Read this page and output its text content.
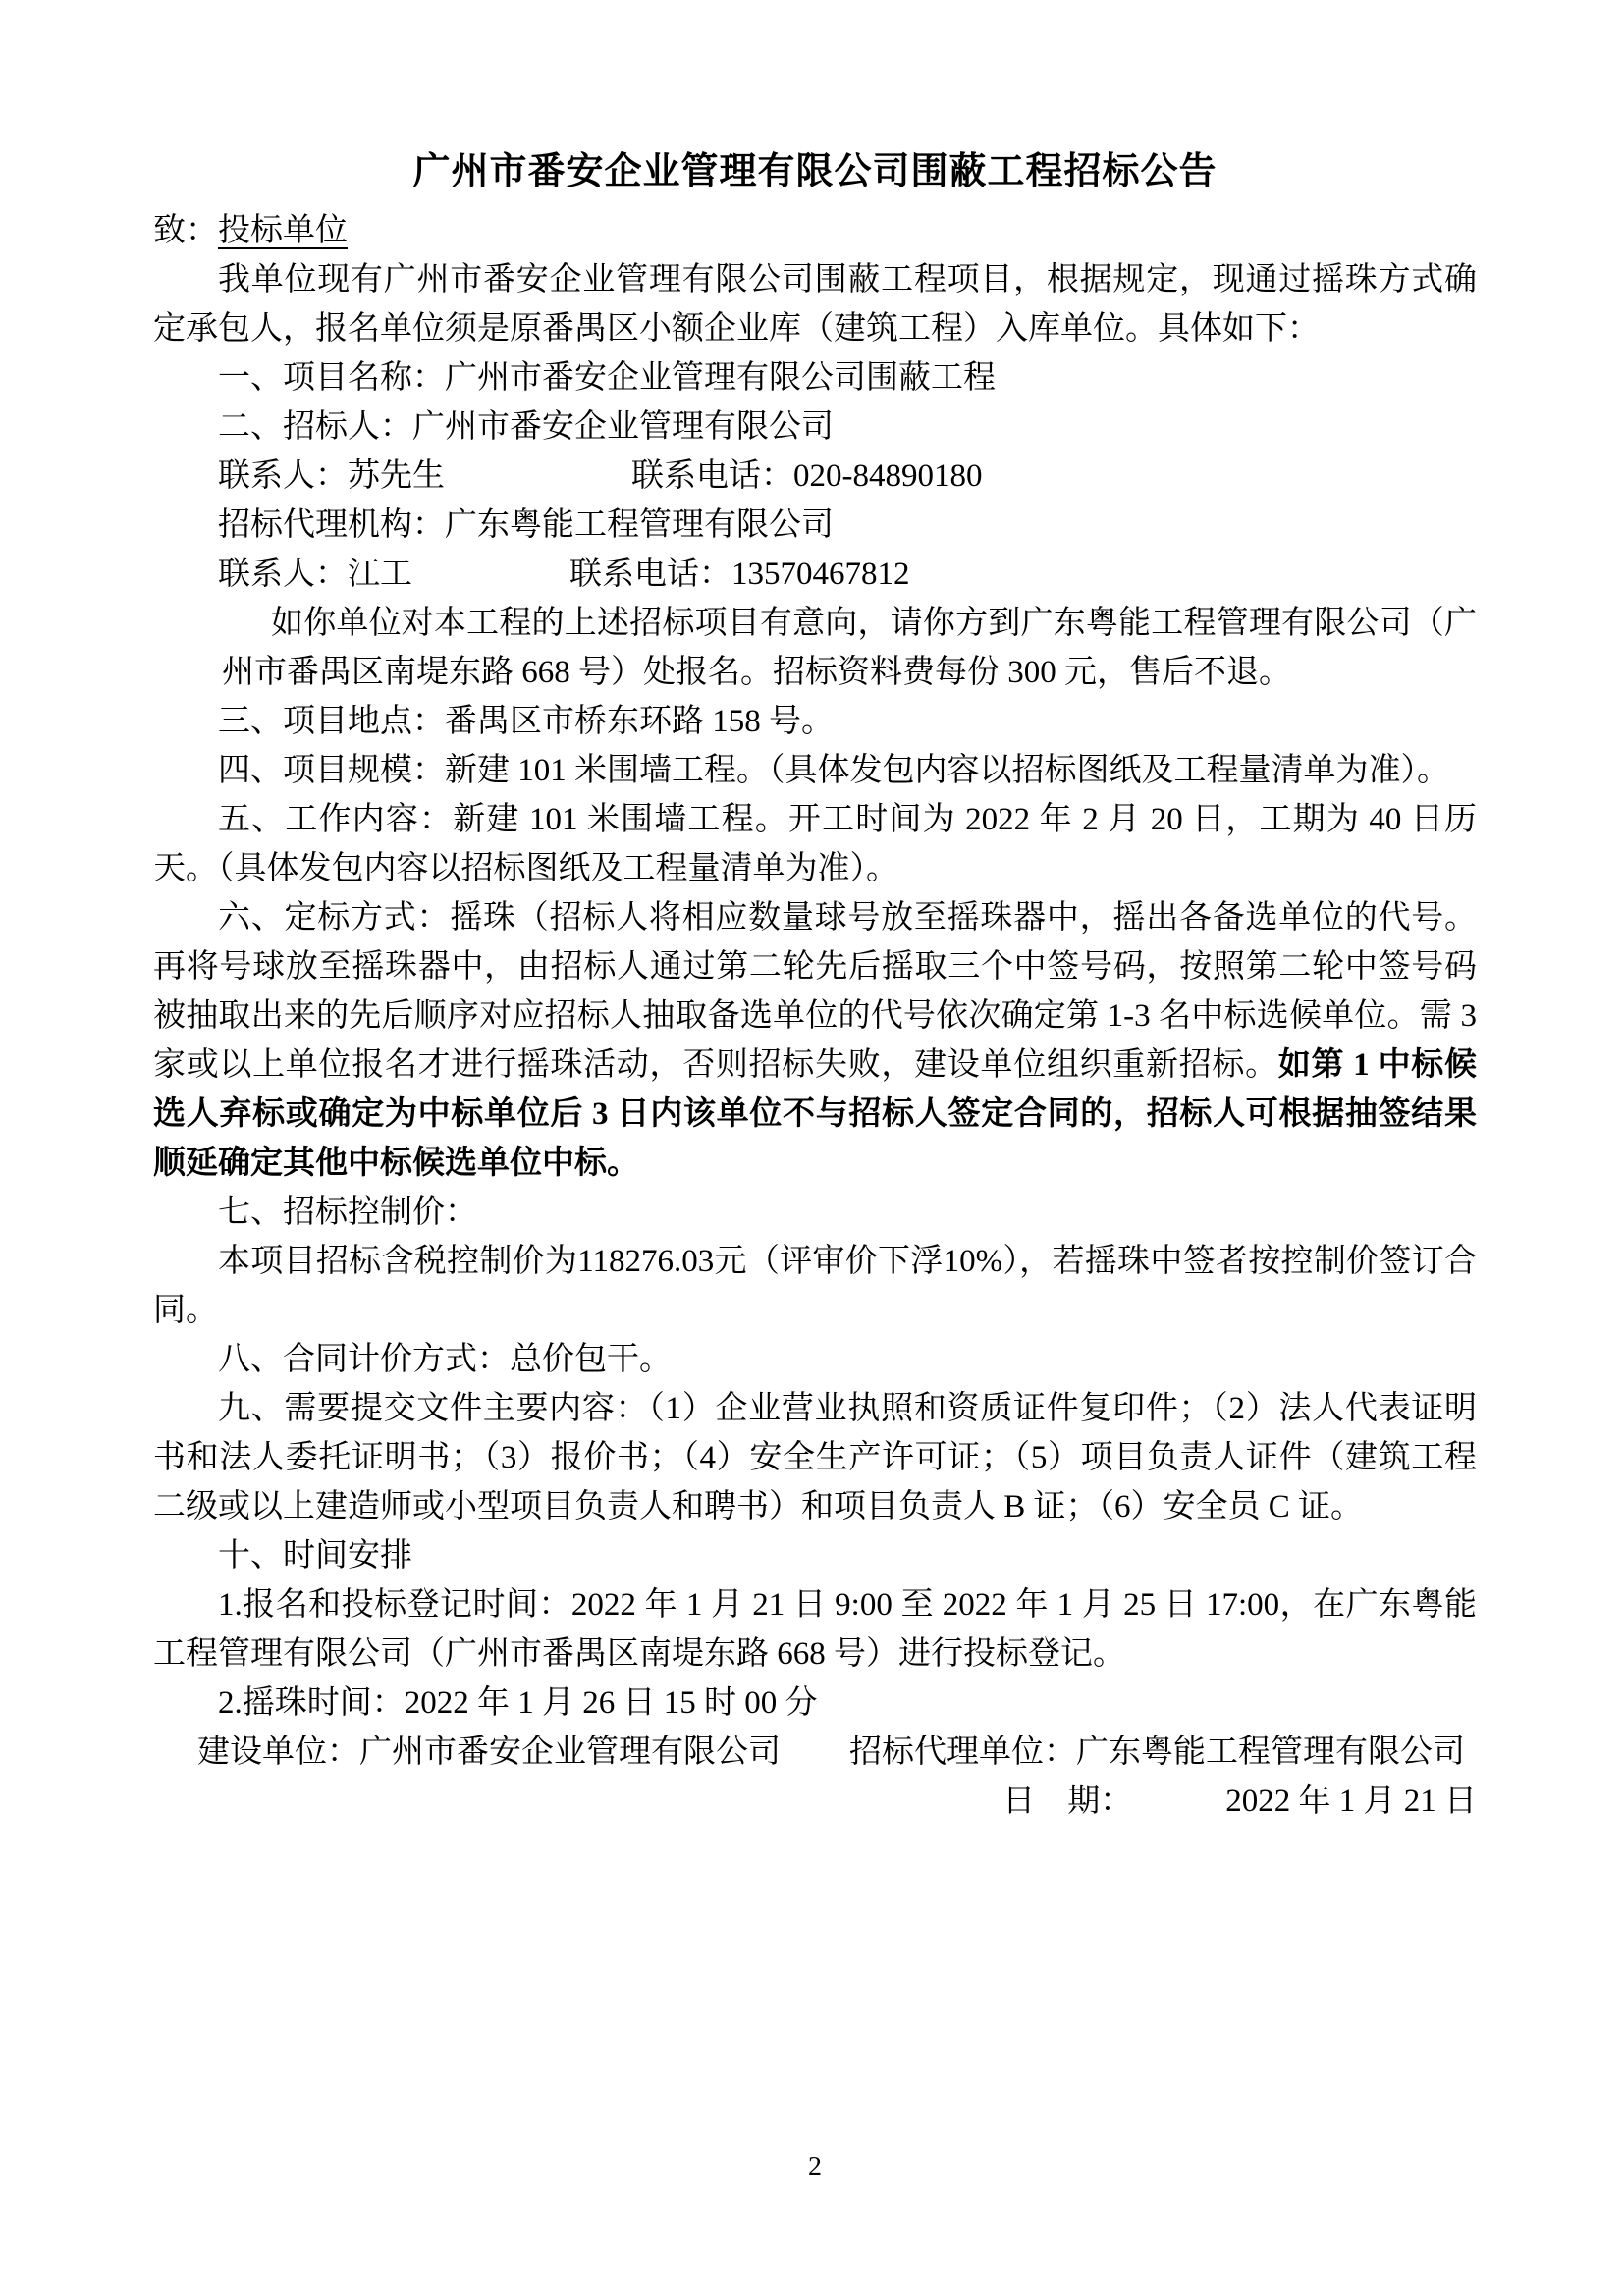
广州市番安企业管理有限公司围蔽工程招标公告

致：投标单位

我单位现有广州市番安企业管理有限公司围蔽工程项目，根据规定，现通过摇珠方式确定承包人，报名单位须是原番禺区小额企业库（建筑工程）入库单位。具体如下：

一、项目名称：广州市番安企业管理有限公司围蔽工程

二、招标人：广州市番安企业管理有限公司

联系人：苏先生	联系电话：020-84890180

招标代理机构：广东粤能工程管理有限公司

联系人：江工	联系电话：13570467812

如你单位对本工程的上述招标项目有意向，请你方到广东粤能工程管理有限公司（广州市番禺区南堤东路 668 号）处报名。招标资料费每份 300 元，售后不退。

三、项目地点：番禺区市桥东环路 158 号。

四、项目规模：新建 101 米围墙工程。（具体发包内容以招标图纸及工程量清单为准）。

五、工作内容：新建 101 米围墙工程。开工时间为 2022 年 2 月 20 日，工期为 40 日历天。（具体发包内容以招标图纸及工程量清单为准）。

六、定标方式：摇珠（招标人将相应数量球号放至摇珠器中，摇出各备选单位的代号。再将号球放至摇珠器中，由招标人通过第二轮先后摇取三个中签号码，按照第二轮中签号码被抽取出来的先后顺序对应招标人抽取备选单位的代号依次确定第 1-3 名中标选候单位。需 3 家或以上单位报名才进行摇珠活动，否则招标失败，建设单位组织重新招标。如第 1 中标候选人弃标或确定为中标单位后 3 日内该单位不与招标人签定合同的，招标人可根据抽签结果顺延确定其他中标候选单位中标。

七、招标控制价：

本项目招标含税控制价为118276.03元（评审价下浮10%），若摇珠中签者按控制价签订合同。

八、合同计价方式：总价包干。

九、需要提交文件主要内容：（1）企业营业执照和资质证件复印件；（2）法人代表证明书和法人委托证明书；（3）报价书；（4）安全生产许可证；（5）项目负责人证件（建筑工程二级或以上建造师或小型项目负责人和聘书）和项目负责人 B 证；（6）安全员 C 证。

十、时间安排

1.报名和投标登记时间：2022 年 1 月 21 日 9:00 至 2022 年 1 月 25 日 17:00，在广东粤能工程管理有限公司（广州市番禺区南堤东路 668 号）进行投标登记。

2.摇珠时间：2022 年 1 月 26 日 15 时 00 分

建设单位：广州市番安企业管理有限公司 招标代理单位：广东粤能工程管理有限公司

日　期：	2022 年 1 月 21 日

2
